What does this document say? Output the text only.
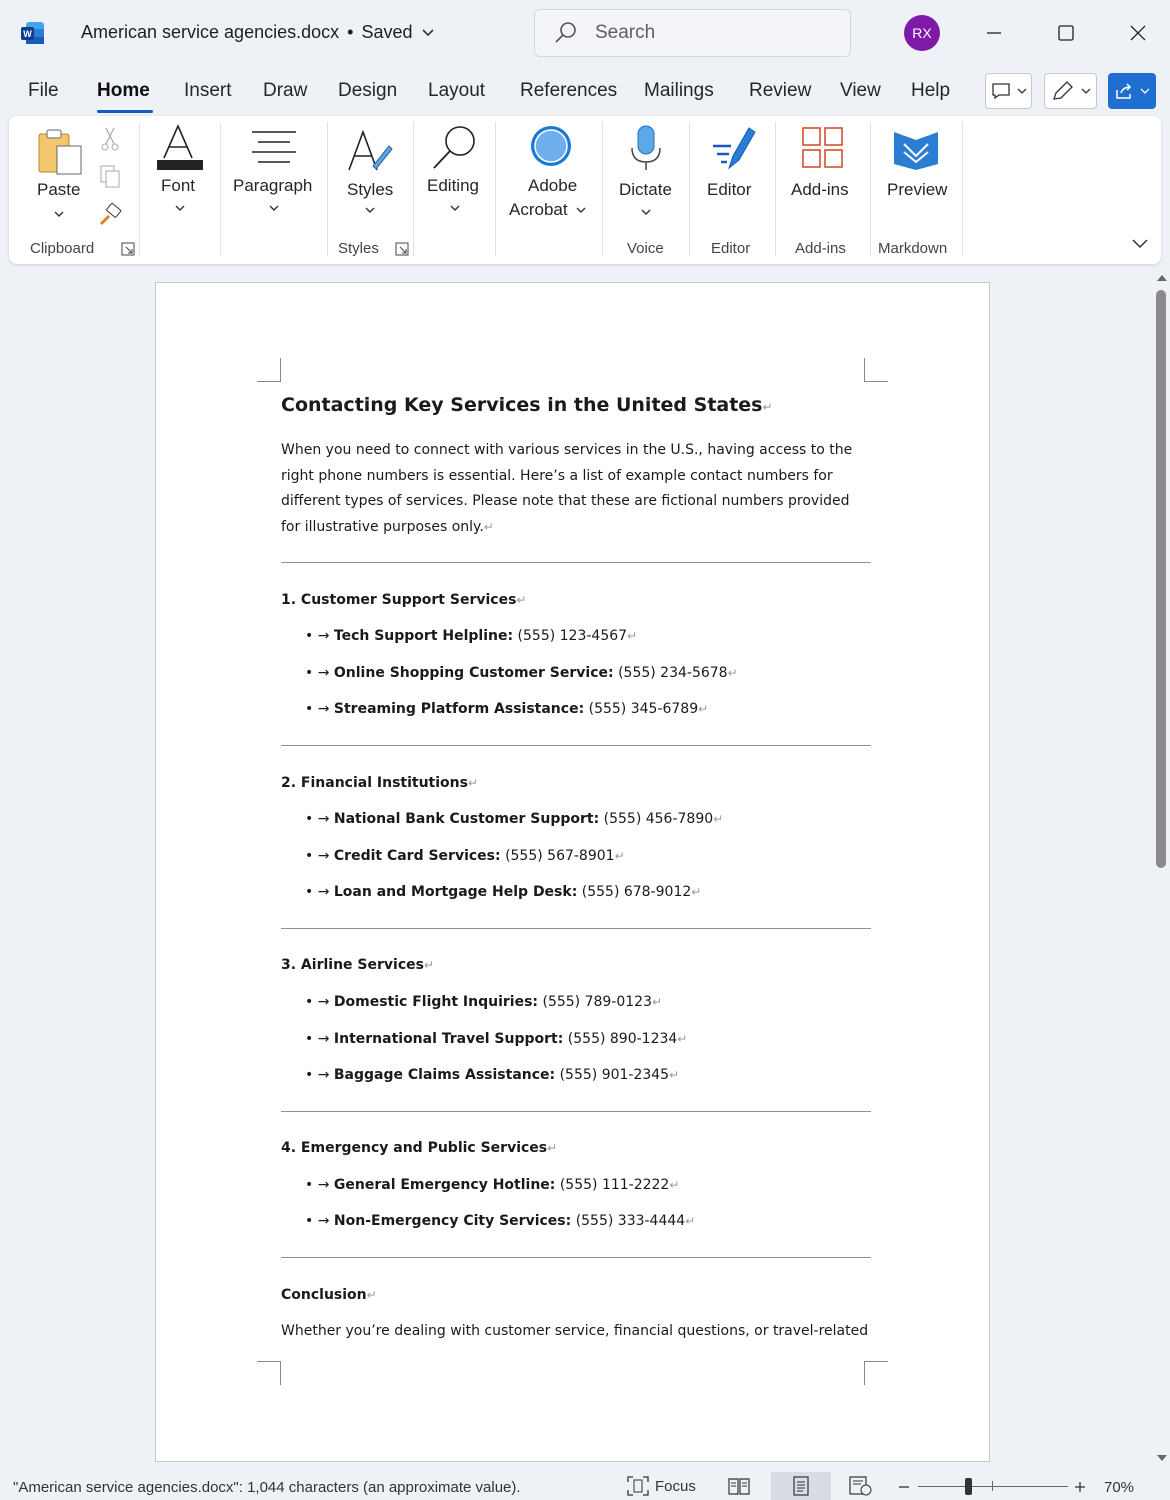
W	American service agencies.docx • Saved	Search	RX
File Home Insert Draw Design Layout References Mailings Review View Help
Paste
Clipboard
Font Paragraph Styles
Styles
Editing	Adobe
Acrobat
Dictate
Voice
Editor
Editor
Add-ins
Add-ins
Preview
Markdown
Contacting Key Services in the United States↵
When you need to connect with various services in the U.S., having access to the right phone numbers is essential. Here’s a list of example contact numbers for different types of services. Please note that these are fictional numbers provided for illustrative purposes only.↵
1. Customer Support Services↵
• → Tech Support Helpline: (555) 123-4567↵
• → Online Shopping Customer Service: (555) 234-5678↵
• → Streaming Platform Assistance: (555) 345-6789↵
2. Financial Institutions↵
• → National Bank Customer Support: (555) 456-7890↵
• → Credit Card Services: (555) 567-8901↵
• → Loan and Mortgage Help Desk: (555) 678-9012↵
3. Airline Services↵
• → Domestic Flight Inquiries: (555) 789-0123↵
• → International Travel Support: (555) 890-1234↵
• → Baggage Claims Assistance: (555) 901-2345↵
4. Emergency and Public Services↵
• → General Emergency Hotline: (555) 111-2222↵
• → Non-Emergency City Services: (555) 333-4444↵
Conclusion↵
Whether you’re dealing with customer service, financial questions, or travel-related
"American service agencies.docx": 1,044 characters (an approximate value).	Focus	70%
